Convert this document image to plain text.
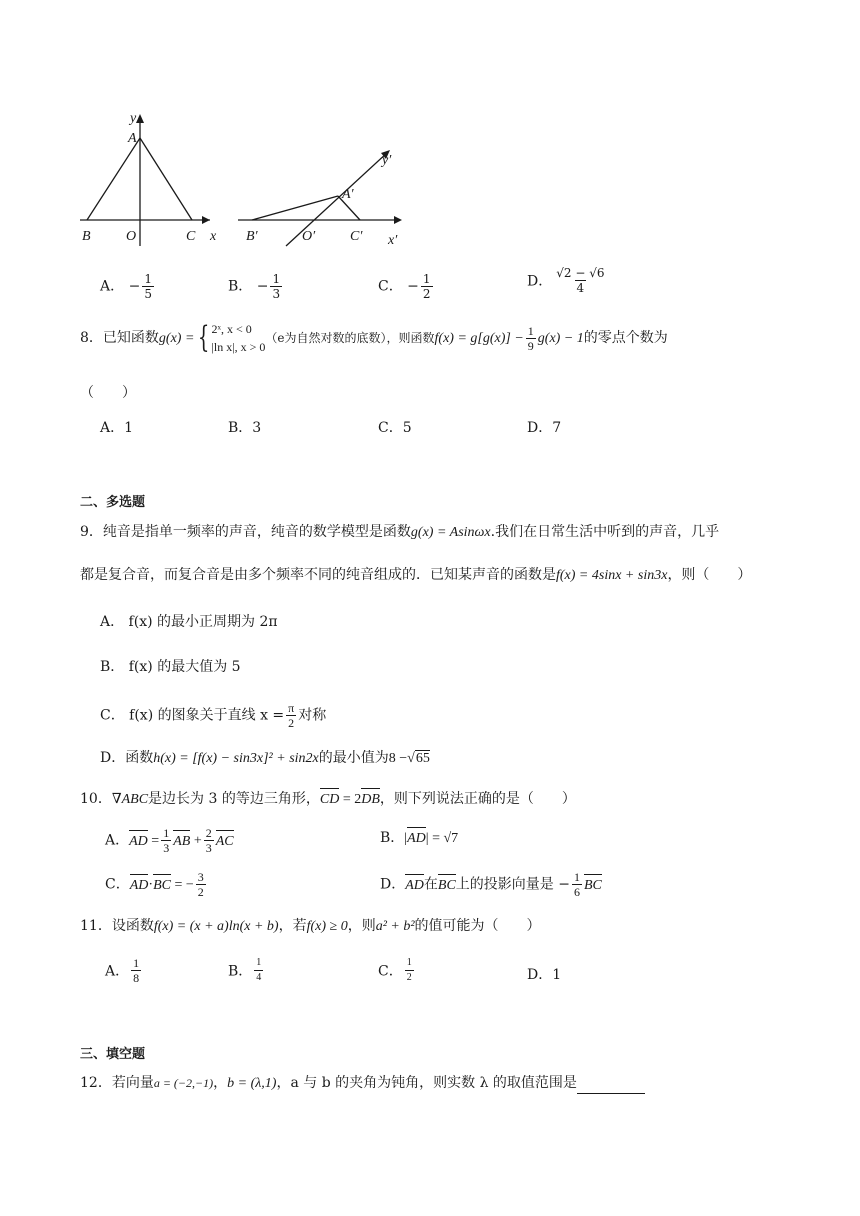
y
A
B	O	C x
y′
A′
B′	O′ C′ x′
A． − $\frac{1}{5}$	B． − $\frac{1}{3}$	C． − $\frac{1}{2}$	D． $\frac{√2 - √6}{4}$
8．已知函数g(x) = { 2ˣ, x < 0
|ln x|, x > 0
（e为自然对数的底数），则函数$f(x) = g[g(x)] - \frac{1}{9} g(x) - 1$的零点个数为
（　　）
A．1	B．3	C．5	D．7
二、多选题
9．纯音是指单一频率的声音，纯音的数学模型是函数g(x) = Asinωx.我们在日常生活中听到的声音，几乎
都是复合音，而复合音是由多个频率不同的纯音组成的．已知某声音的函数是f(x) = 4sinx + sin3x，则（　　）
A． f(x) 的最小正周期为 2π
B． f(x) 的最大值为 5
C． f(x) 的图象关于直线 $x = \frac{\pi}{2}$ 对称
D．函数h(x) = [f(x) − sin3x]² + sin2x的最小值为8 −√65
10．∇ABC是边长为 3 的等边三角形，CD = 2DB，则下列说法正确的是（　　）
A．AD = $\frac{1}{3}$ AB + $\frac{2}{3}$ AC	B．|AD| = √7
C．AD·BC = − $\frac{3}{2}$	D．AD在BC上的投影向量是 − $\frac{1}{6}$ BC
11．设函数f(x) = (x + a)ln(x + b)，若f(x) ≥ 0，则a² + b²的值可能为（　　）
A． $\frac{1}{8}$	B． $\frac{1}{4}$	C． $\frac{1}{2}$	D．1
三、填空题
12．若向量a = (−2,−1)，b = (λ,1)，a 与 b 的夹角为钝角，则实数 λ 的取值范围是
